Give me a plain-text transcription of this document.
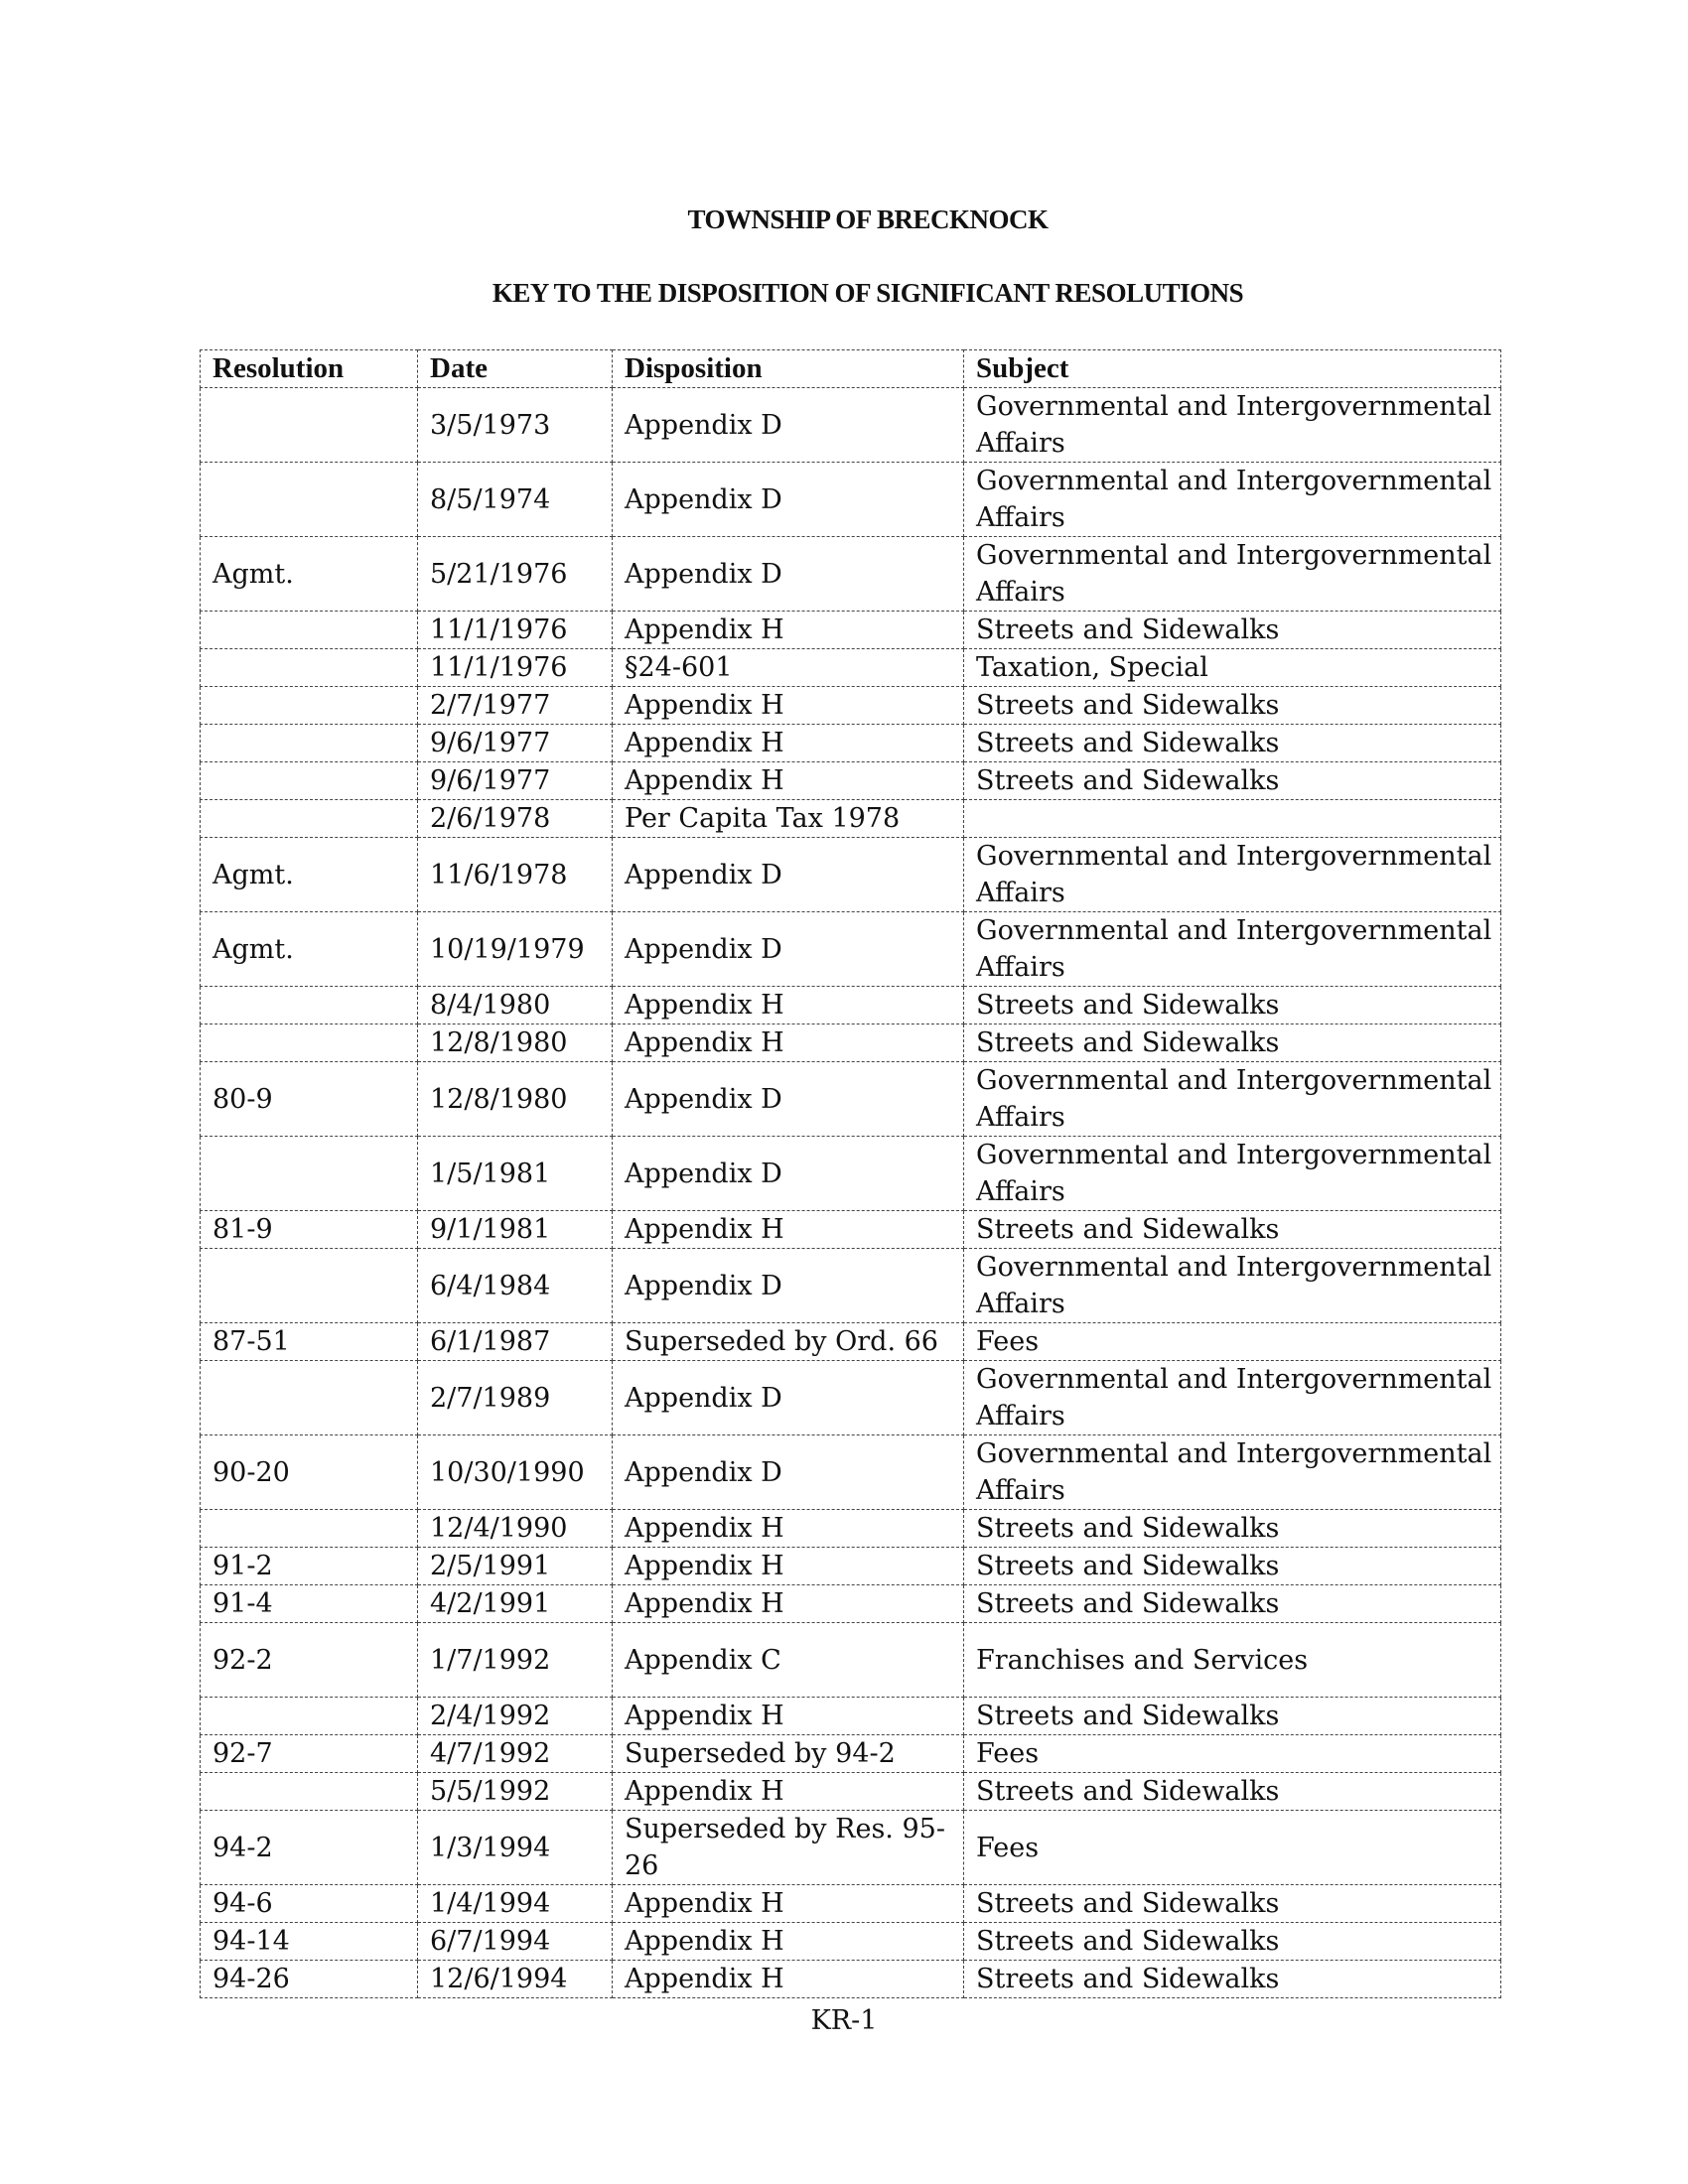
TOWNSHIP OF BRECKNOCK
KEY TO THE DISPOSITION OF SIGNIFICANT RESOLUTIONS
Resolution	Date	Disposition	Subject
	3/5/1973	Appendix D	Governmental and Intergovernmental Affairs
	8/5/1974	Appendix D	Governmental and Intergovernmental Affairs
Agmt.	5/21/1976	Appendix D	Governmental and Intergovernmental Affairs
	11/1/1976	Appendix H	Streets and Sidewalks
	11/1/1976	§24-601	Taxation, Special
	2/7/1977	Appendix H	Streets and Sidewalks
	9/6/1977	Appendix H	Streets and Sidewalks
	9/6/1977	Appendix H	Streets and Sidewalks
	2/6/1978	Per Capita Tax 1978	
Agmt.	11/6/1978	Appendix D	Governmental and Intergovernmental Affairs
Agmt.	10/19/1979	Appendix D	Governmental and Intergovernmental Affairs
	8/4/1980	Appendix H	Streets and Sidewalks
	12/8/1980	Appendix H	Streets and Sidewalks
80-9	12/8/1980	Appendix D	Governmental and Intergovernmental Affairs
	1/5/1981	Appendix D	Governmental and Intergovernmental Affairs
81-9	9/1/1981	Appendix H	Streets and Sidewalks
	6/4/1984	Appendix D	Governmental and Intergovernmental Affairs
87-51	6/1/1987	Superseded by Ord. 66	Fees
	2/7/1989	Appendix D	Governmental and Intergovernmental Affairs
90-20	10/30/1990	Appendix D	Governmental and Intergovernmental Affairs
	12/4/1990	Appendix H	Streets and Sidewalks
91-2	2/5/1991	Appendix H	Streets and Sidewalks
91-4	4/2/1991	Appendix H	Streets and Sidewalks
92-2	1/7/1992	Appendix C	Franchises and Services
	2/4/1992	Appendix H	Streets and Sidewalks
92-7	4/7/1992	Superseded by 94-2	Fees
	5/5/1992	Appendix H	Streets and Sidewalks
94-2	1/3/1994	Superseded by Res. 95-26	Fees
94-6	1/4/1994	Appendix H	Streets and Sidewalks
94-14	6/7/1994	Appendix H	Streets and Sidewalks
94-26	12/6/1994	Appendix H	Streets and Sidewalks
KR-1
